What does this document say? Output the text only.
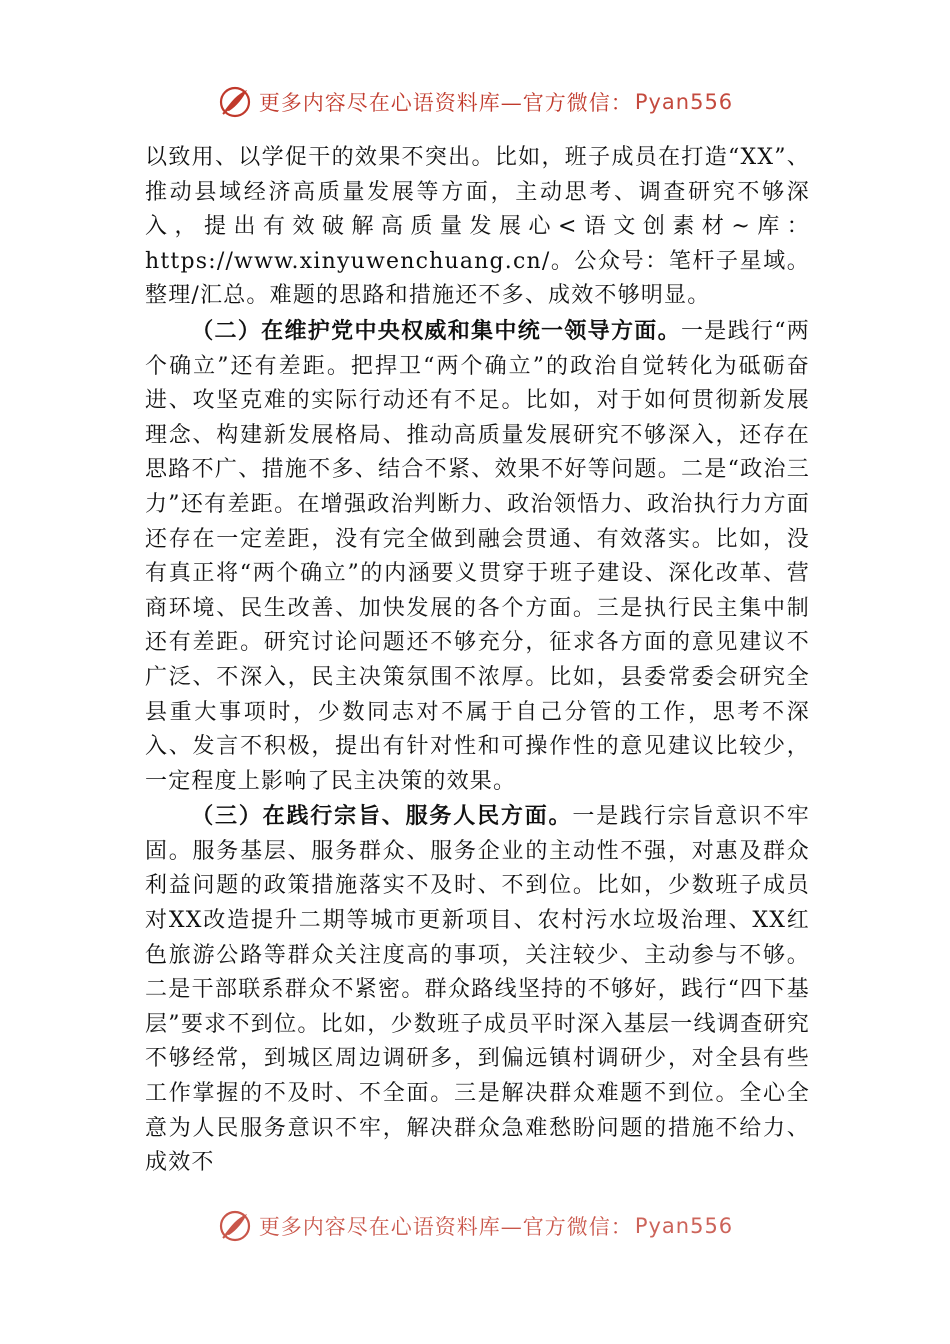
更多内容尽在心语资料库—官方微信： Pyan556

以致用、以学促干的效果不突出。比如，班子成员在打造“XX”、推动县域经济高质量发展等方面，主动思考、调查研究不够深入，提出有效破解高质量发展心<语文创素材~库：https://www.xinyuwenchuang.cn/。公众号：笔杆子星域。整理/汇总。难题的思路和措施还不多、成效不够明显。

（二）在维护党中央权威和集中统一领导方面。一是践行“两个确立”还有差距。把捍卫“两个确立”的政治自觉转化为砥砺奋进、攻坚克难的实际行动还有不足。比如，对于如何贯彻新发展理念、构建新发展格局、推动高质量发展研究不够深入，还存在思路不广、措施不多、结合不紧、效果不好等问题。二是“政治三力”还有差距。在增强政治判断力、政治领悟力、政治执行力方面还存在一定差距，没有完全做到融会贯通、有效落实。比如，没有真正将“两个确立”的内涵要义贯穿于班子建设、深化改革、营商环境、民生改善、加快发展的各个方面。三是执行民主集中制还有差距。研究讨论问题还不够充分，征求各方面的意见建议不广泛、不深入，民主决策氛围不浓厚。比如，县委常委会研究全县重大事项时，少数同志对不属于自己分管的工作，思考不深入、发言不积极，提出有针对性和可操作性的意见建议比较少，一定程度上影响了民主决策的效果。

（三）在践行宗旨、服务人民方面。一是践行宗旨意识不牢固。服务基层、服务群众、服务企业的主动性不强，对惠及群众利益问题的政策措施落实不及时、不到位。比如，少数班子成员对XX改造提升二期等城市更新项目、农村污水垃圾治理、XX红色旅游公路等群众关注度高的事项，关注较少、主动参与不够。二是干部联系群众不紧密。群众路线坚持的不够好，践行“四下基层”要求不到位。比如，少数班子成员平时深入基层一线调查研究不够经常，到城区周边调研多，到偏远镇村调研少，对全县有些工作掌握的不及时、不全面。三是解决群众难题不到位。全心全意为人民服务意识不牢，解决群众急难愁盼问题的措施不给力、成效不

更多内容尽在心语资料库—官方微信： Pyan556
